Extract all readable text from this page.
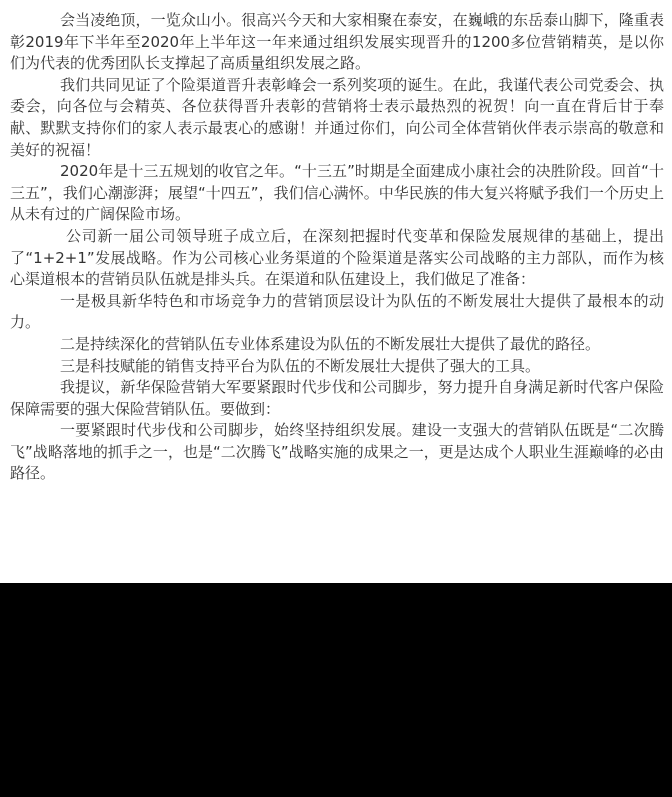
会当凌绝顶，一览众山小。很高兴今天和大家相聚在泰安，在巍峨的东岳泰山脚下，隆重表彰2019年下半年至2020年上半年这一年来通过组织发展实现晋升的1200多位营销精英，是以你们为代表的优秀团队长支撑起了高质量组织发展之路。

我们共同见证了个险渠道晋升表彰峰会一系列奖项的诞生。在此，我谨代表公司党委会、执委会，向各位与会精英、各位获得晋升表彰的营销将士表示最热烈的祝贺！向一直在背后甘于奉献、默默支持你们的家人表示最衷心的感谢！并通过你们，向公司全体营销伙伴表示崇高的敬意和美好的祝福！

2020年是十三五规划的收官之年。“十三五”时期是全面建成小康社会的决胜阶段。回首“十三五”，我们心潮澎湃；展望“十四五”，我们信心满怀。中华民族的伟大复兴将赋予我们一个历史上从未有过的广阔保险市场。

公司新一届公司领导班子成立后，在深刻把握时代变革和保险发展规律的基础上，提出了“1+2+1”发展战略。作为公司核心业务渠道的个险渠道是落实公司战略的主力部队，而作为核心渠道根本的营销员队伍就是排头兵。在渠道和队伍建设上，我们做足了准备：

一是极具新华特色和市场竞争力的营销顶层设计为队伍的不断发展壮大提供了最根本的动力。

二是持续深化的营销队伍专业体系建设为队伍的不断发展壮大提供了最优的路径。

三是科技赋能的销售支持平台为队伍的不断发展壮大提供了强大的工具。

我提议，新华保险营销大军要紧跟时代步伐和公司脚步，努力提升自身满足新时代客户保险保障需要的强大保险营销队伍。要做到：

一要紧跟时代步伐和公司脚步，始终坚持组织发展。建设一支强大的营销队伍既是“二次腾飞”战略落地的抓手之一，也是“二次腾飞”战略实施的成果之一，更是达成个人职业生涯巅峰的必由路径。
